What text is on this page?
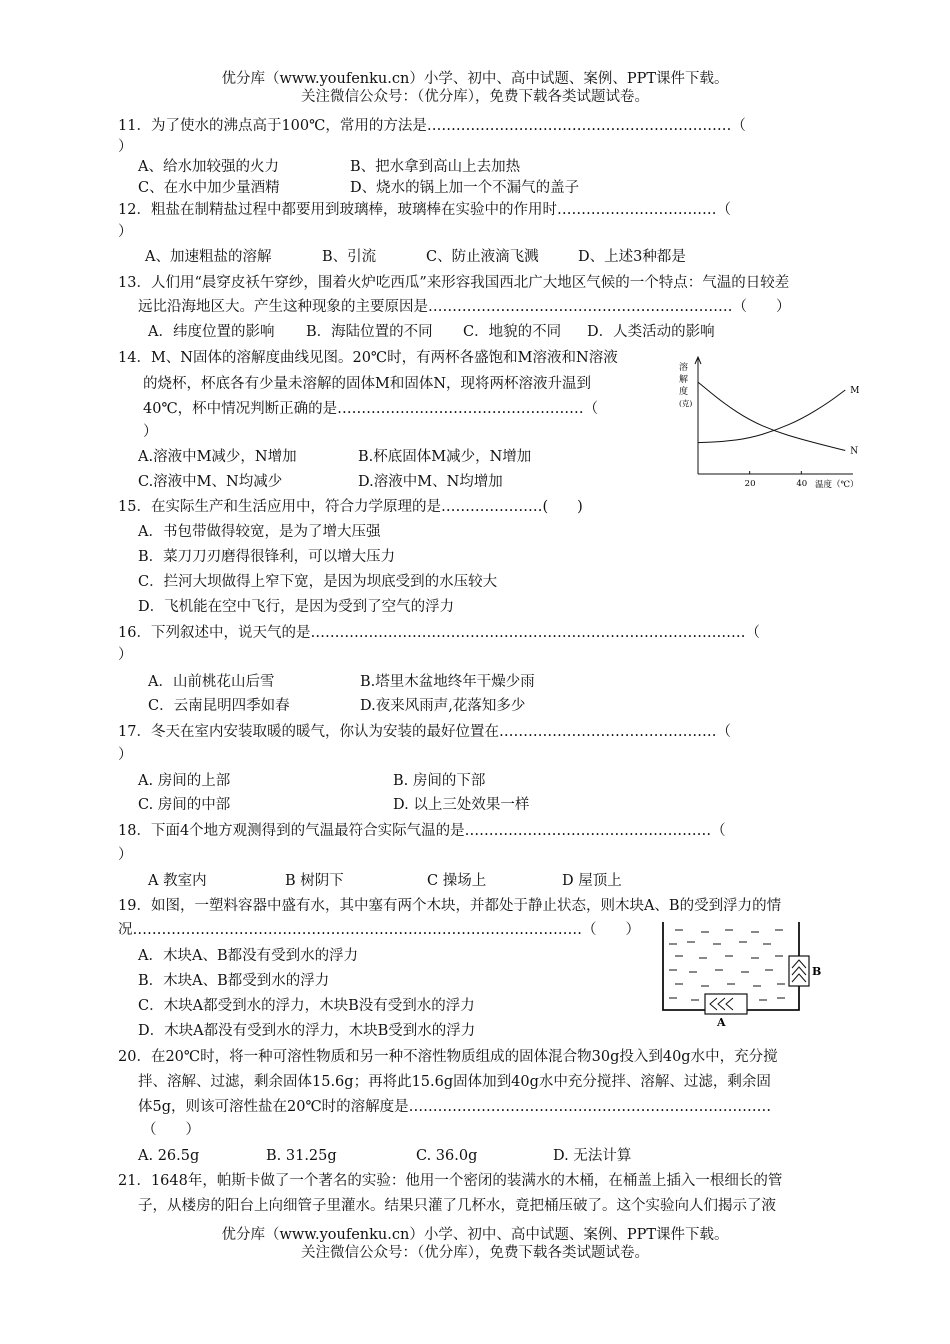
优分库（www.youfenku.cn）小学、初中、高中试题、案例、PPT课件下载。
关注微信公众号：（优分库），免费下载各类试题试卷。
11．为了使水的沸点高于100℃，常用的方法是………………………………………………………（
）
A、给水加较强的火力	B、把水拿到高山上去加热
C、在水中加少量酒精	D、烧水的锅上加一个不漏气的盖子
12．粗盐在制精盐过程中都要用到玻璃棒，玻璃棒在实验中的作用时……………………………（
）
A、加速粗盐的溶解	B、引流	C、防止液滴飞溅	D、上述3种都是
13．人们用“晨穿皮袄午穿纱，围着火炉吃西瓜”来形容我国西北广大地区气候的一个特点：气温的日较差
远比沿海地区大。产生这种现象的主要原因是………………………………………………………（　　）
A．纬度位置的影响 B．海陆位置的不同 C．地貌的不同 D．人类活动的影响
14．M、N固体的溶解度曲线见图。20℃时，有两杯各盛饱和M溶液和N溶液
的烧杯，杯底各有少量未溶解的固体M和固体N，现将两杯溶液升温到
40℃，杯中情况判断正确的是……………………………………………（
）
A.溶液中M减少，N增加	B.杯底固体M减少，N增加
C.溶液中M、N均减少	D.溶液中M、N均增加
溶
解
度
(克)
M
N
20	40 温度（℃）
15．在实际生产和生活应用中，符合力学原理的是…………………(　　)
A．书包带做得较宽，是为了增大压强
B．菜刀刀刃磨得很锋利，可以增大压力
C．拦河大坝做得上窄下宽，是因为坝底受到的水压较大
D．飞机能在空中飞行，是因为受到了空气的浮力
16．下列叙述中，说天气的是………………………………………………………………………………（
）
A．山前桃花山后雪	B.塔里木盆地终年干燥少雨
C．云南昆明四季如春	D.夜来风雨声,花落知多少
17．冬天在室内安装取暖的暖气，你认为安装的最好位置在………………………………………（
）
A. 房间的上部	B. 房间的下部
C. 房间的中部	D. 以上三处效果一样
18．下面4个地方观测得到的气温最符合实际气温的是……………………………………………（
）
A 教室内	B 树阴下	C 操场上	D 屋顶上
19．如图，一塑料容器中盛有水，其中塞有两个木块，并都处于静止状态，则木块A、B的受到浮力的情
况…………………………………………………………………………………（　　）
A．木块A、B都没有受到水的浮力
B．木块A、B都受到水的浮力
C．木块A都受到水的浮力，木块B没有受到水的浮力
D．木块A都没有受到水的浮力，木块B受到水的浮力
B
A
20．在20℃时，将一种可溶性物质和另一种不溶性物质组成的固体混合物30g投入到40g水中，充分搅
拌、溶解、过滤，剩余固体15.6g；再将此15.6g固体加到40g水中充分搅拌、溶解、过滤，剩余固
体5g，则该可溶性盐在20℃时的溶解度是…………………………………………………………………
（　　）
A. 26.5g	B. 31.25g	C. 36.0g	D. 无法计算
21．1648年，帕斯卡做了一个著名的实验：他用一个密闭的装满水的木桶，在桶盖上插入一根细长的管
子，从楼房的阳台上向细管子里灌水。结果只灌了几杯水，竟把桶压破了。这个实验向人们揭示了液
优分库（www.youfenku.cn）小学、初中、高中试题、案例、PPT课件下载。
关注微信公众号：（优分库），免费下载各类试题试卷。
